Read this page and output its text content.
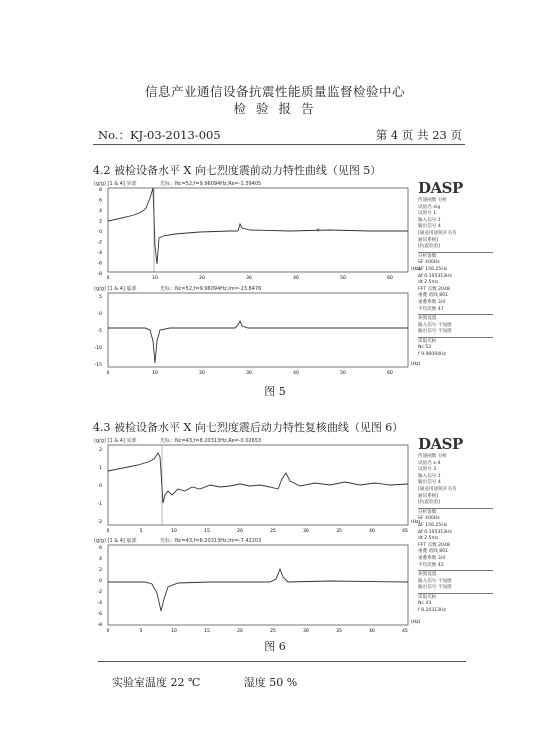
信息产业通信设备抗震性能质量监督检验中心
检 验 报 告
No.：KJ-03-2013-005	第 4 页 共 23 页
4.2 被检设备水平 X 向七烈度震前动力特性曲线（见图 5）
(g/g) [1 & 4] 实部	光标：Nc=52,f=9.96094Hz,Re=-1.39405
8
6
4
2
0
-2
-4
-6
-8
0	10	20	30	40	50	60
(Hz)
(g/g) [1 & 4] 虚部	光标：Nc=52,f=9.96094Hz,Im=-13.8476
5
0
-5
-10
-15
0	10	20	30	40	50	60
(Hz)
DASP
传递函数 分析
试验名 eig
试验号 1
输入信号 1
输出信号 4
[通道用途频开关有
通讯系统]
[抗震检验]
分析参数
SF 400Hz
ΔF 156.25Hz
Δf 0.195313Hz
dt 2.5ms
FFT 点数 2048
重叠 谱线 801
重叠系数 3/4
平均次数 47
加窗设置
输入信号 不加窗
输出信号 不加窗
读取光标
Nc 52
f 9.96094Hz
图 5
4.3 被检设备水平 X 向七烈度震后动力特性复核曲线（见图 6）
(g/g) [1 & 4] 实部	光标：Nc=43,f=8.20313Hz,Re=-0.02653
2
1
0
-1
-2
0	5	10	15	20	25	30	35	40	45
(Hz)
(g/g) [1 & 4] 虚部	光标：Nc=43,f=8.20313Hz,Im=-7.42203
6
4
2
0
-2
-4
-6
-8
0	5	10	15	20	25	30	35	40	45
(Hz)
DASP
传递函数 分析
试验名 x-4
试验号 3
输入信号 1
输出信号 4
[通道用途频开关有
通讯系统]
[抗震检验]
分析参数
SF 400Hz
ΔF 156.25Hz
Δf 0.195313Hz
dt 2.5ms
FFT 点数 2048
重叠 谱线 801
重叠系数 3/4
平均次数 43
加窗设置
输入信号 不加窗
输出信号 不加窗
读取光标
Nc 43
f 8.20313Hz
图 6
实验室温度 22 ℃	湿度 50 %
